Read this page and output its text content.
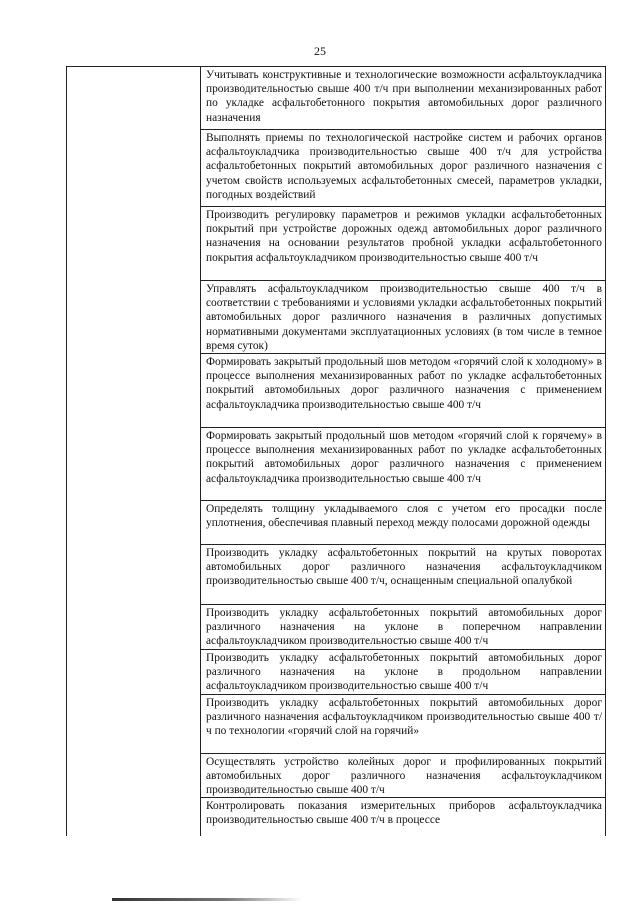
25
Учитывать конструктивные и технологические возможности асфальтоукладчика производительностью свыше 400 т/ч при выполнении механизированных работ по укладке асфальтобетонного покрытия автомобильных дорог различного назначения
Выполнять приемы по технологической настройке систем и рабочих органов асфальтоукладчика производительностью свыше 400 т/ч для устройства асфальтобетонных покрытий автомобильных дорог различного назначения с учетом свойств используемых асфальтобетонных смесей, параметров укладки, погодных воздействий
Производить регулировку параметров и режимов укладки асфальтобетонных покрытий при устройстве дорожных одежд автомобильных дорог различного назначения на основании результатов пробной укладки асфальтобетонного покрытия асфальтоукладчиком производительностью свыше 400 т/ч
Управлять асфальтоукладчиком производительностью свыше 400 т/ч в соответствии с требованиями и условиями укладки асфальтобетонных покрытий автомобильных дорог различного назначения в различных допустимых нормативными документами эксплуатационных условиях (в том числе в темное время суток)
Формировать закрытый продольный шов методом «горячий слой к холодному» в процессе выполнения механизированных работ по укладке асфальтобетонных покрытий автомобильных дорог различного назначения с применением асфальтоукладчика производительностью свыше 400 т/ч
Формировать закрытый продольный шов методом «горячий слой к горячему» в процессе выполнения механизированных работ по укладке асфальтобетонных покрытий автомобильных дорог различного назначения с применением асфальтоукладчика производительностью свыше 400 т/ч
Определять толщину укладываемого слоя с учетом его просадки после уплотнения, обеспечивая плавный переход между полосами дорожной одежды
Производить укладку асфальтобетонных покрытий на крутых поворотах автомобильных дорог различного назначения асфальтоукладчиком производительностью свыше 400 т/ч, оснащенным специальной опалубкой
Производить укладку асфальтобетонных покрытий автомобильных дорог различного назначения на уклоне в поперечном направлении асфальтоукладчиком производительностью свыше 400 т/ч
Производить укладку асфальтобетонных покрытий автомобильных дорог различного назначения на уклоне в продольном направлении асфальтоукладчиком производительностью свыше 400 т/ч
Производить укладку асфальтобетонных покрытий автомобильных дорог различного назначения асфальтоукладчиком производительностью свыше 400 т/ч по технологии «горячий слой на горячий»
Осуществлять устройство колейных дорог и профилированных покрытий автомобильных дорог различного назначения асфальтоукладчиком производительностью свыше 400 т/ч
Контролировать показания измерительных приборов асфальтоукладчика производительностью свыше 400 т/ч в процессе
